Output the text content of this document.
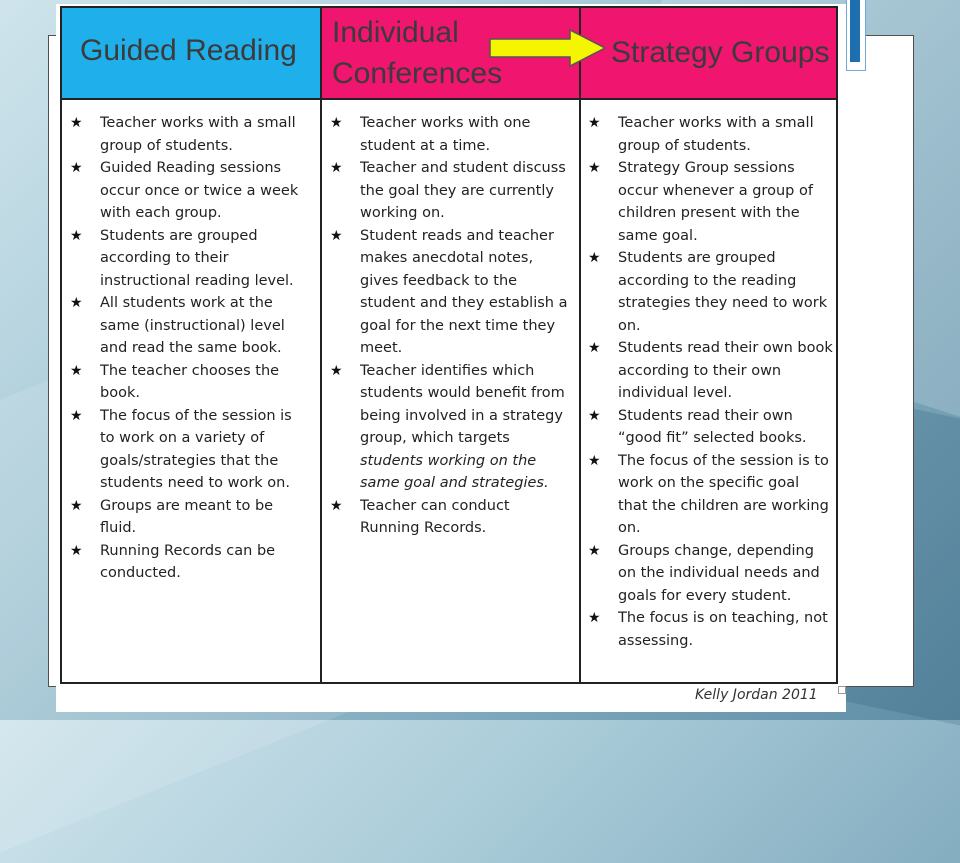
Guided Reading
Individual
Conferences
Strategy Groups
★ Teacher works with a small group of students.
★ Guided Reading sessions occur once or twice a week with each group.
★ Students are grouped according to their instructional reading level.
★ All students work at the same (instructional) level and read the same book.
★ The teacher chooses the book.
★ The focus of the session is to work on a variety of goals/strategies that the students need to work on.
★ Groups are meant to be fluid.
★ Running Records can be conducted.
★ Teacher works with one student at a time.
★ Teacher and student discuss the goal they are currently working on.
★ Student reads and teacher makes anecdotal notes, gives feedback to the student and they establish a goal for the next time they meet.
★ Teacher identifies which students would benefit from being involved in a strategy group, which targets students working on the same goal and strategies.
★ Teacher can conduct Running Records.
★ Teacher works with a small group of students.
★ Strategy Group sessions occur whenever a group of children present with the same goal.
★ Students are grouped according to the reading strategies they need to work on.
★ Students read their own book according to their own individual level.
★ Students read their own “good fit” selected books.
★ The focus of the session is to work on the specific goal that the children are working on.
★ Groups change, depending on the individual needs and goals for every student.
★ The focus is on teaching, not assessing.
Kelly Jordan 2011
